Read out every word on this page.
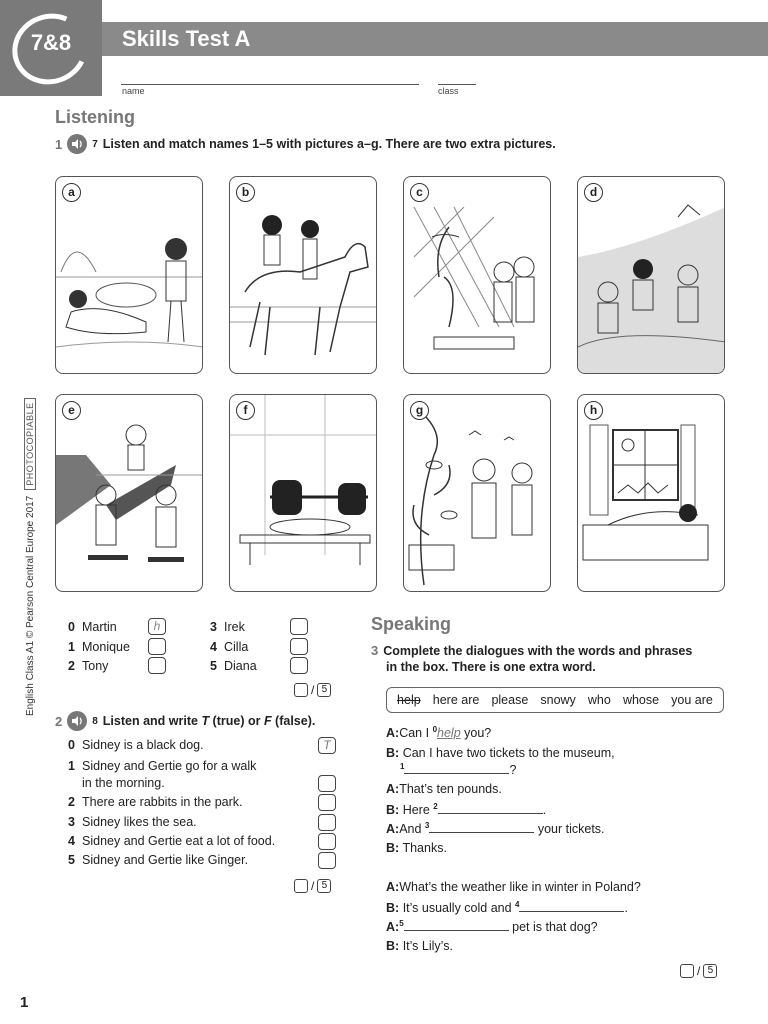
7&8	Skills Test A
name	class
Listening
1	7 Listen and match names 1–5 with pictures a–g. There are two extra pictures.
a	b	c	d
e	f	g	h
0 Martin	h
1 Monique
2 Tony
3 Irek
4 Cilla
5 Diana
/ 5
2	8 Listen and write T (true) or F (false).
0 Sidney is a black dog.	T
1 Sidney and Gertie go for a walk
in the morning.
2 There are rabbits in the park.
3 Sidney likes the sea.
4 Sidney and Gertie eat a lot of food.
5 Sidney and Gertie like Ginger.
/ 5
Speaking
3 Complete the dialogues with the words and phrases
in the box. There is one extra word.
help here are please snowy who whose you are
A:Can I $^0$help you?
B: Can I have two tickets to the museum,
$^1$	?
A:That’s ten pounds.
B: Here $^2$	.
A:And $^3$	your tickets.
B: Thanks.
A:What’s the weather like in winter in Poland?
B: It’s usually cold and $^4$	.
A:$^5$	pet is that dog?
B: It’s Lily’s.
/ 5
English Class A1 © Pearson Central Europe 2017
PHOTOCOPIABLE
1
